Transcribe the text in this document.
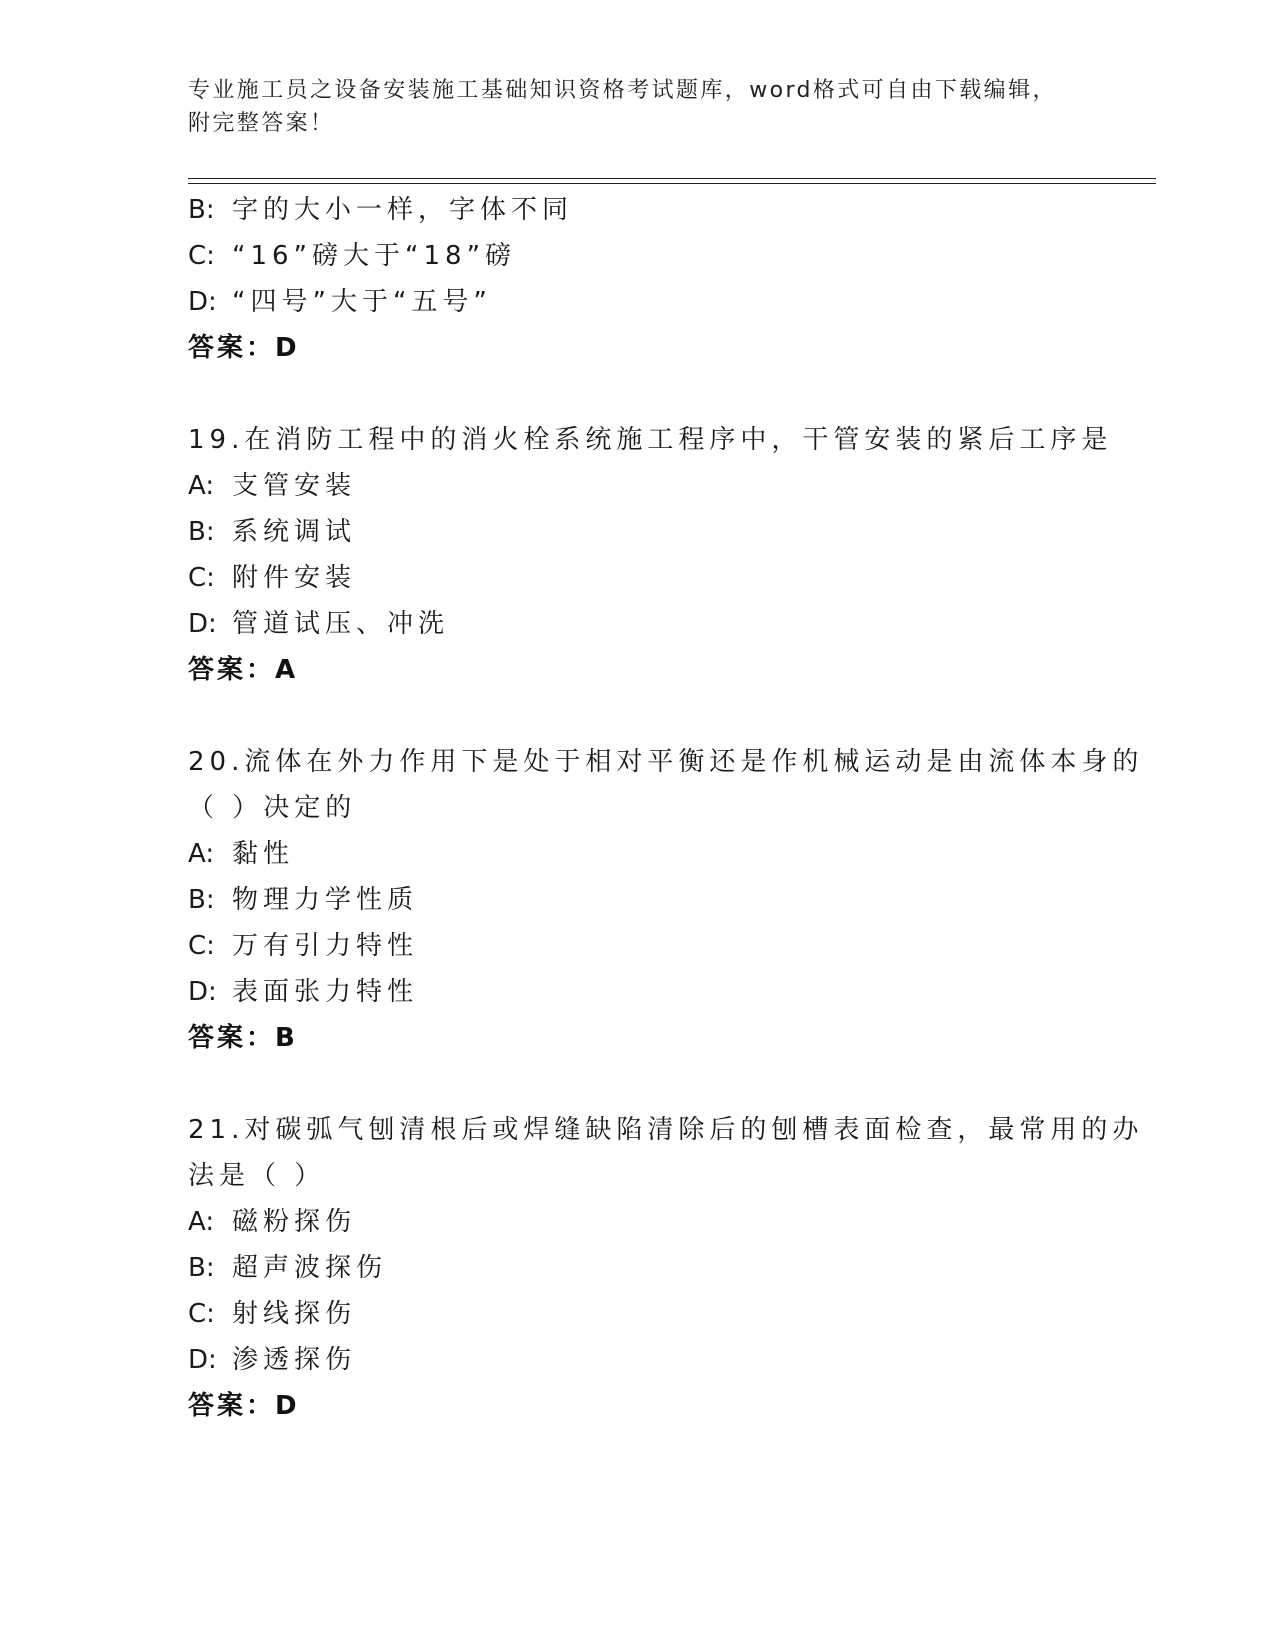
专业施工员之设备安装施工基础知识资格考试题库，word格式可自由下载编辑，
附完整答案！
B: 字的大小一样，字体不同
C: “16”磅大于“18”磅
D: “四号”大于“五号”
答案：D
19.在消防工程中的消火栓系统施工程序中，干管安装的紧后工序是
A: 支管安装
B: 系统调试
C: 附件安装
D: 管道试压、冲洗
答案：A
20.流体在外力作用下是处于相对平衡还是作机械运动是由流体本身的
（ ）决定的
A: 黏性
B: 物理力学性质
C: 万有引力特性
D: 表面张力特性
答案：B
21.对碳弧气刨清根后或焊缝缺陷清除后的刨槽表面检查，最常用的办
法是（ ）
A: 磁粉探伤
B: 超声波探伤
C: 射线探伤
D: 渗透探伤
答案：D
